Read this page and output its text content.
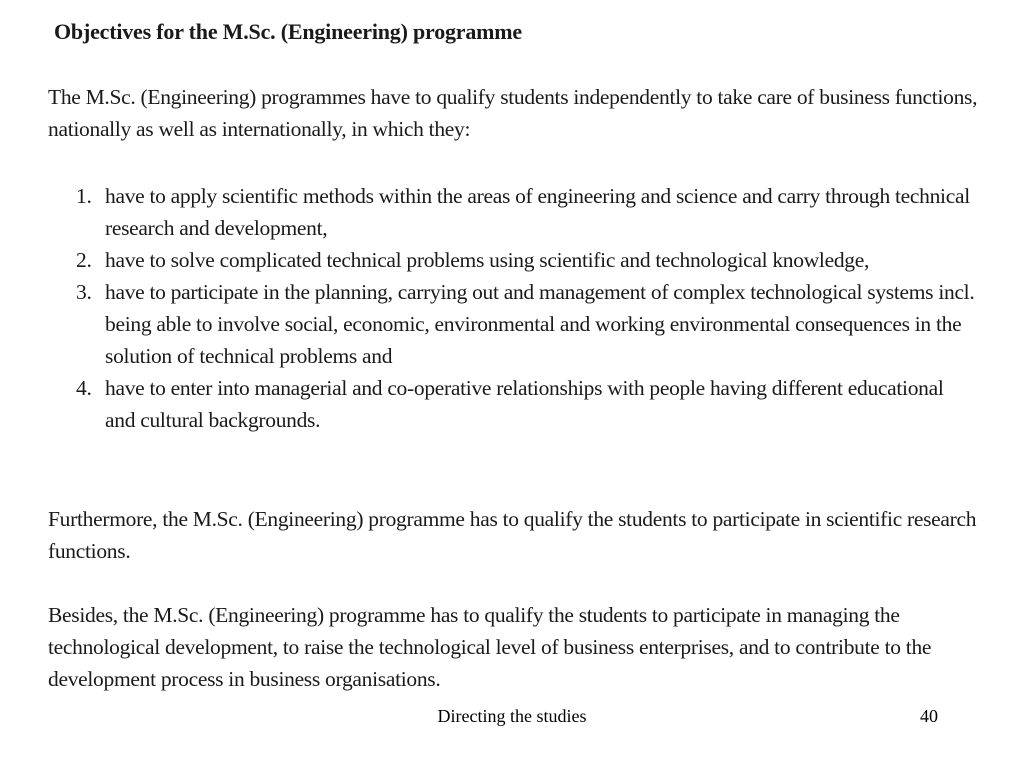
Objectives for the M.Sc. (Engineering) programme

The M.Sc. (Engineering) programmes have to qualify students independently to take care of business functions, nationally as well as internationally, in which they:

1. have to apply scientific methods within the areas of engineering and science and carry through technical research and development,
2. have to solve complicated technical problems using scientific and technological knowledge,
3. have to participate in the planning, carrying out and management of complex technological systems incl. being able to involve social, economic, environmental and working environmental consequences in the solution of technical problems and
4. have to enter into managerial and co-operative relationships with people having different educational and cultural backgrounds.

Furthermore, the M.Sc. (Engineering) programme has to qualify the students to participate in scientific research functions.

Besides, the M.Sc. (Engineering) programme has to qualify the students to participate in managing the technological development, to raise the technological level of business enterprises, and to contribute to the development process in business organisations.

Directing the studies	40
